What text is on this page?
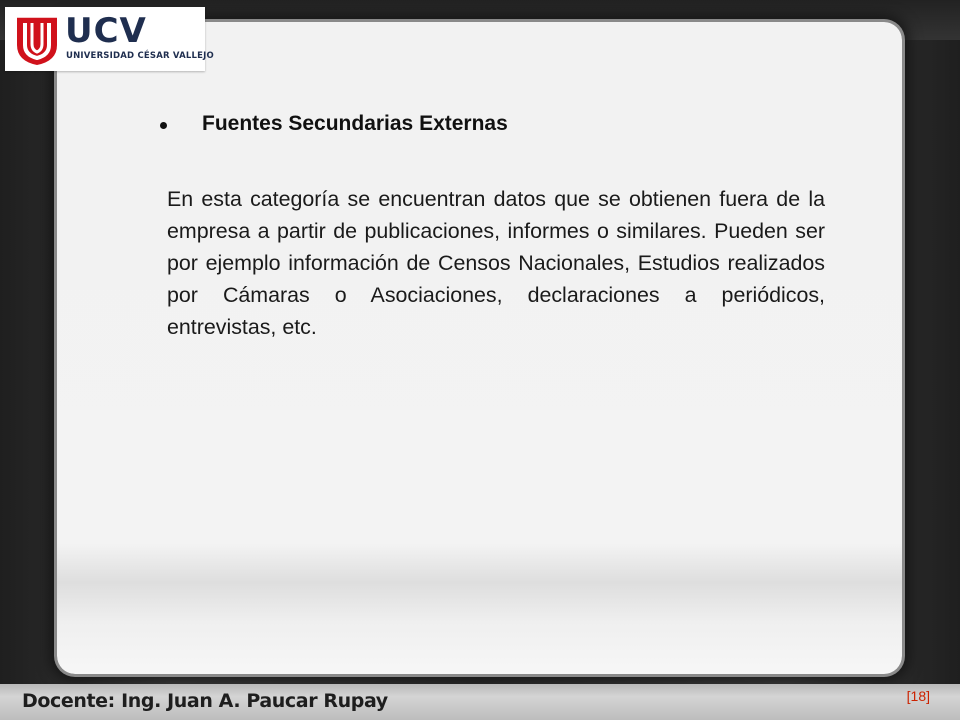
UCV
UNIVERSIDAD CÉSAR VALLEJO
Fuentes Secundarias Externas

En esta categoría se encuentran datos que se obtienen fuera de la empresa a partir de publicaciones, informes o similares. Pueden ser por ejemplo información de Censos Nacionales, Estudios realizados por Cámaras o Asociaciones, declaraciones a periódicos, entrevistas, etc.

Docente: Ing. Juan A. Paucar Rupay	[18]
